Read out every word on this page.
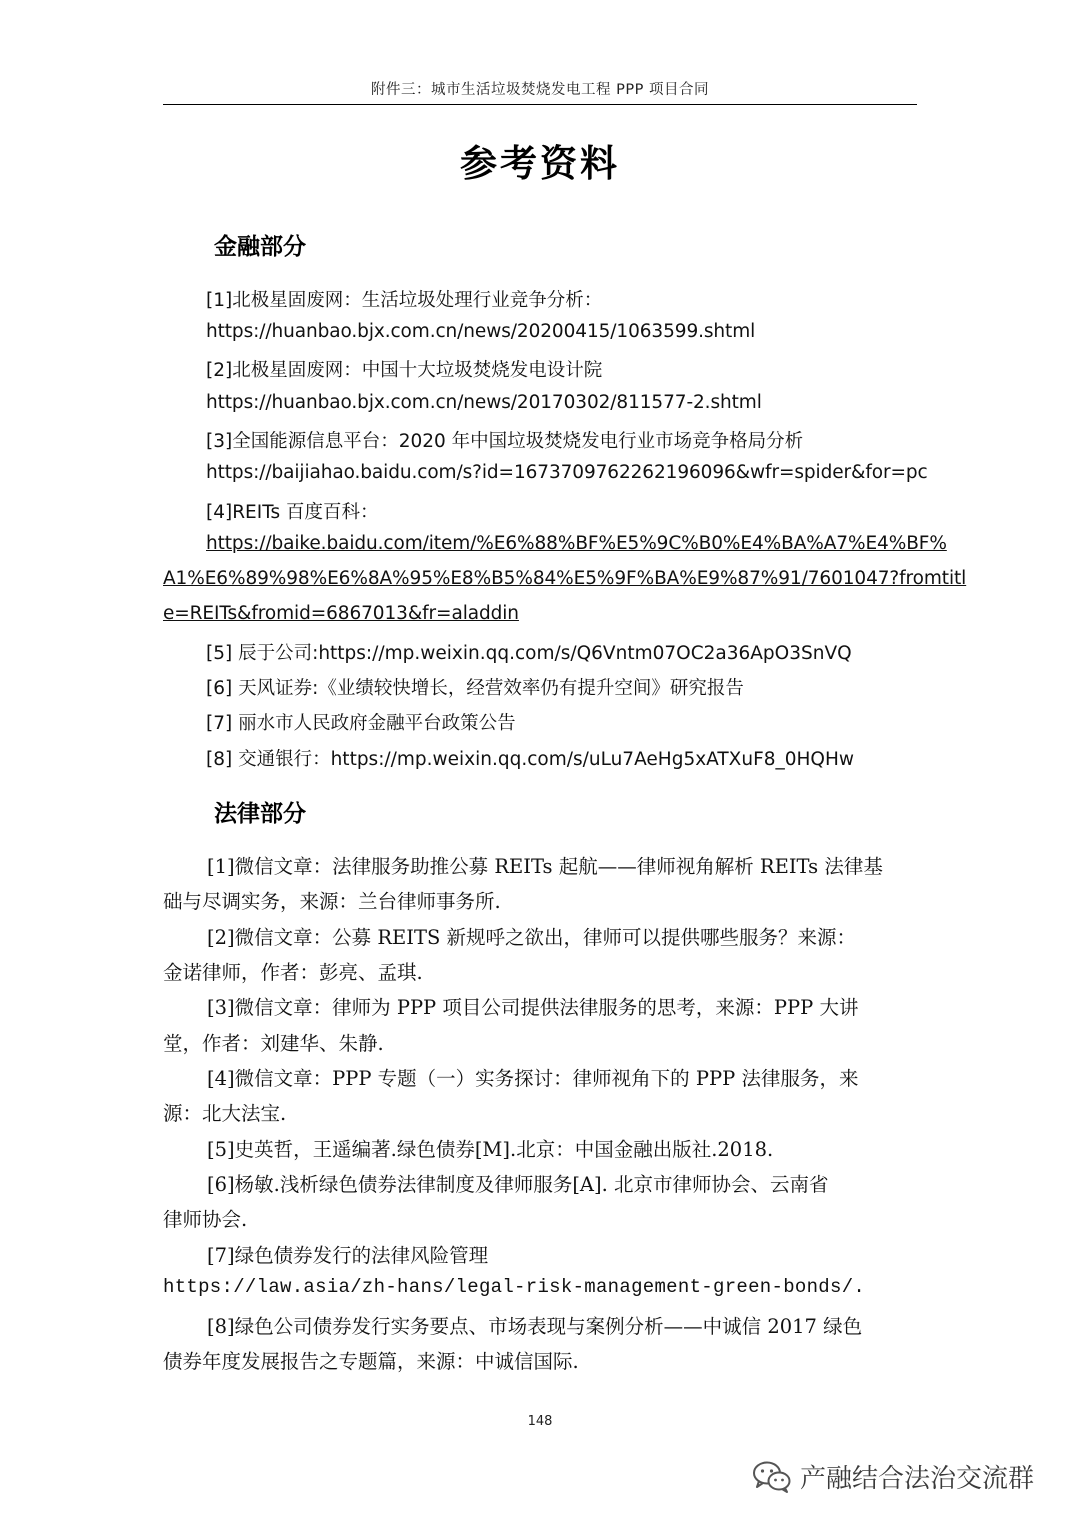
附件三：城市生活垃圾焚烧发电工程 PPP 项目合同
参考资料
金融部分
[1]北极星固废网：生活垃圾处理行业竞争分析：
https://huanbao.bjx.com.cn/news/20200415/1063599.shtml
[2]北极星固废网：中国十大垃圾焚烧发电设计院
https://huanbao.bjx.com.cn/news/20170302/811577-2.shtml
[3]全国能源信息平台：2020 年中国垃圾焚烧发电行业市场竞争格局分析
https://baijiahao.baidu.com/s?id=1673709762262196096&wfr=spider&for=pc
[4]REITs 百度百科：
https://baike.baidu.com/item/%E6%88%BF%E5%9C%B0%E4%BA%A7%E4%BF%
A1%E6%89%98%E6%8A%95%E8%B5%84%E5%9F%BA%E9%87%91/7601047?fromtitl
e=REITs&fromid=6867013&fr=aladdin
[5] 辰于公司:https://mp.weixin.qq.com/s/Q6Vntm07OC2a36ApO3SnVQ
[6] 天风证券:《业绩较快增长，经营效率仍有提升空间》研究报告
[7] 丽水市人民政府金融平台政策公告
[8] 交通银行：https://mp.weixin.qq.com/s/uLu7AeHg5xATXuF8_0HQHw
法律部分
[1]微信文章：法律服务助推公募 REITs 起航——律师视角解析 REITs 法律基
础与尽调实务，来源：兰台律师事务所.
[2]微信文章：公募 REITS 新规呼之欲出，律师可以提供哪些服务？来源：
金诺律师，作者：彭亮、孟琪.
[3]微信文章：律师为 PPP 项目公司提供法律服务的思考，来源：PPP 大讲
堂，作者：刘建华、朱静.
[4]微信文章：PPP 专题（一）实务探讨：律师视角下的 PPP 法律服务，来
源：北大法宝.
[5]史英哲，王遥编著.绿色债券[M].北京：中国金融出版社.2018.
[6]杨敏.浅析绿色债券法律制度及律师服务[A]. 北京市律师协会、云南省
律师协会.
[7]绿色债券发行的法律风险管理
https://law.asia/zh-hans/legal-risk-management-green-bonds/.
[8]绿色公司债券发行实务要点、市场表现与案例分析——中诚信 2017 绿色
债券年度发展报告之专题篇，来源：中诚信国际.
148
产融结合法治交流群
